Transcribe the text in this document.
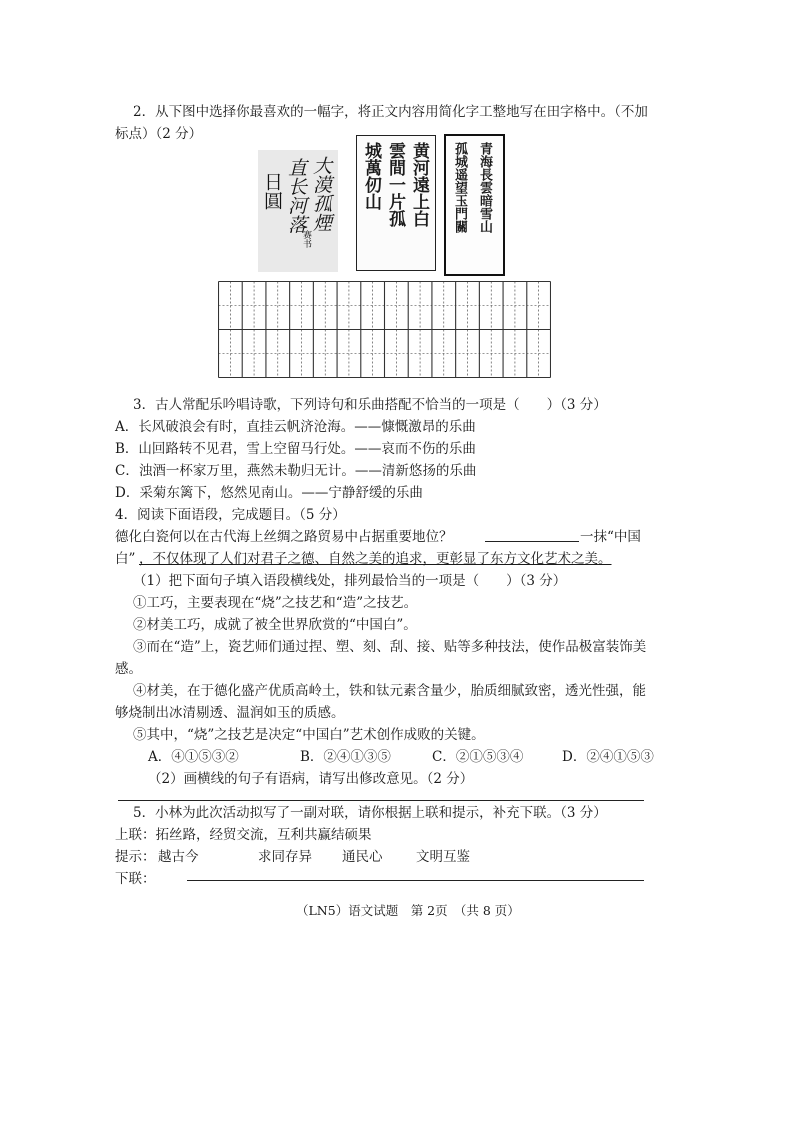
2．从下图中选择你最喜欢的一幅字，将正文内容用简化字工整地写在田字格中。（不加
标点）（2 分）
日圓 直长河落 大漠孤煙
赛书
城萬仞山 雲間一片孤 黄河遠上白 孤城遥望玉門關 青海長雲暗雪山
3．古人常配乐吟唱诗歌，下列诗句和乐曲搭配不恰当的一项是（　　）（3 分）
A．长风破浪会有时，直挂云帆济沧海。——慷慨激昂的乐曲
B．山回路转不见君，雪上空留马行处。——哀而不伤的乐曲
C．浊酒一杯家万里，燕然未勒归无计。——清新悠扬的乐曲
D．采菊东篱下，悠然见南山。——宁静舒缓的乐曲
4．阅读下面语段，完成题目。（5 分）
德化白瓷何以在古代海上丝绸之路贸易中占据重要地位？	一抹“中国
白” ，不仅体现了人们对君子之德、自然之美的追求，更彰显了东方文化艺术之美。
（1）把下面句子填入语段横线处，排列最恰当的一项是（　　）（3 分）
①工巧，主要表现在“烧”之技艺和“造”之技艺。
②材美工巧，成就了被全世界欣赏的“中国白”。
③而在“造”上，瓷艺师们通过捏、塑、刻、刮、接、贴等多种技法，使作品极富装饰美
感。
④材美，在于德化盛产优质高岭土，铁和钛元素含量少，胎质细腻致密，透光性强，能
够烧制出冰清剔透、温润如玉的质感。
⑤其中，“烧”之技艺是决定“中国白”艺术创作成败的关键。
A．④①⑤③②	B．②④①③⑤	C．②①⑤③④	D．②④①⑤③
（2）画横线的句子有语病，请写出修改意见。（2 分）
5．小林为此次活动拟写了一副对联，请你根据上联和提示，补充下联。（3 分）
上联：拓丝路，经贸交流，互利共赢结硕果
提示： 越古今	求同存异 通民心 文明互鉴
下联：
（LN5）语文试题　第 2页　（共 8 页）
